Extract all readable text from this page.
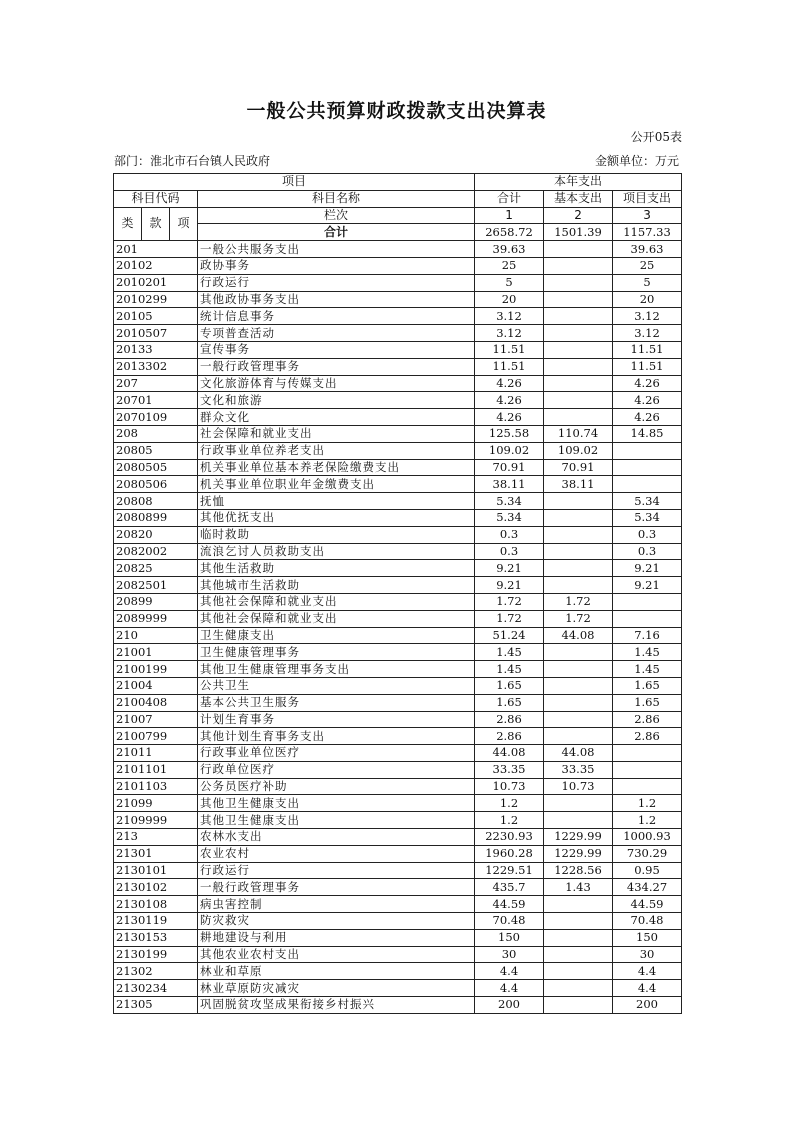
一般公共预算财政拨款支出决算表
公开05表
部门：淮北市石台镇人民政府	金额单位：万元
项目				本年支出		
科目代码			科目名称	合计	基本支出	项目支出
类	款	项	栏次	1	2	3
			合计	2658.72	1501.39	1157.33
201			一般公共服务支出	39.63		39.63
20102			政协事务	25		25
2010201			行政运行	5		5
2010299			其他政协事务支出	20		20
20105			统计信息事务	3.12		3.12
2010507			专项普查活动	3.12		3.12
20133			宣传事务	11.51		11.51
2013302			一般行政管理事务	11.51		11.51
207			文化旅游体育与传媒支出	4.26		4.26
20701			文化和旅游	4.26		4.26
2070109			群众文化	4.26		4.26
208			社会保障和就业支出	125.58	110.74	14.85
20805			行政事业单位养老支出	109.02	109.02	
2080505			机关事业单位基本养老保险缴费支出	70.91	70.91	
2080506			机关事业单位职业年金缴费支出	38.11	38.11	
20808			抚恤	5.34		5.34
2080899			其他优抚支出	5.34		5.34
20820			临时救助	0.3		0.3
2082002			流浪乞讨人员救助支出	0.3		0.3
20825			其他生活救助	9.21		9.21
2082501			其他城市生活救助	9.21		9.21
20899			其他社会保障和就业支出	1.72	1.72	
2089999			其他社会保障和就业支出	1.72	1.72	
210			卫生健康支出	51.24	44.08	7.16
21001			卫生健康管理事务	1.45		1.45
2100199			其他卫生健康管理事务支出	1.45		1.45
21004			公共卫生	1.65		1.65
2100408			基本公共卫生服务	1.65		1.65
21007			计划生育事务	2.86		2.86
2100799			其他计划生育事务支出	2.86		2.86
21011			行政事业单位医疗	44.08	44.08	
2101101			行政单位医疗	33.35	33.35	
2101103			公务员医疗补助	10.73	10.73	
21099			其他卫生健康支出	1.2		1.2
2109999			其他卫生健康支出	1.2		1.2
213			农林水支出	2230.93	1229.99	1000.93
21301			农业农村	1960.28	1229.99	730.29
2130101			行政运行	1229.51	1228.56	0.95
2130102			一般行政管理事务	435.7	1.43	434.27
2130108			病虫害控制	44.59		44.59
2130119			防灾救灾	70.48		70.48
2130153			耕地建设与利用	150		150
2130199			其他农业农村支出	30		30
21302			林业和草原	4.4		4.4
2130234			林业草原防灾减灾	4.4		4.4
21305			巩固脱贫攻坚成果衔接乡村振兴	200		200
